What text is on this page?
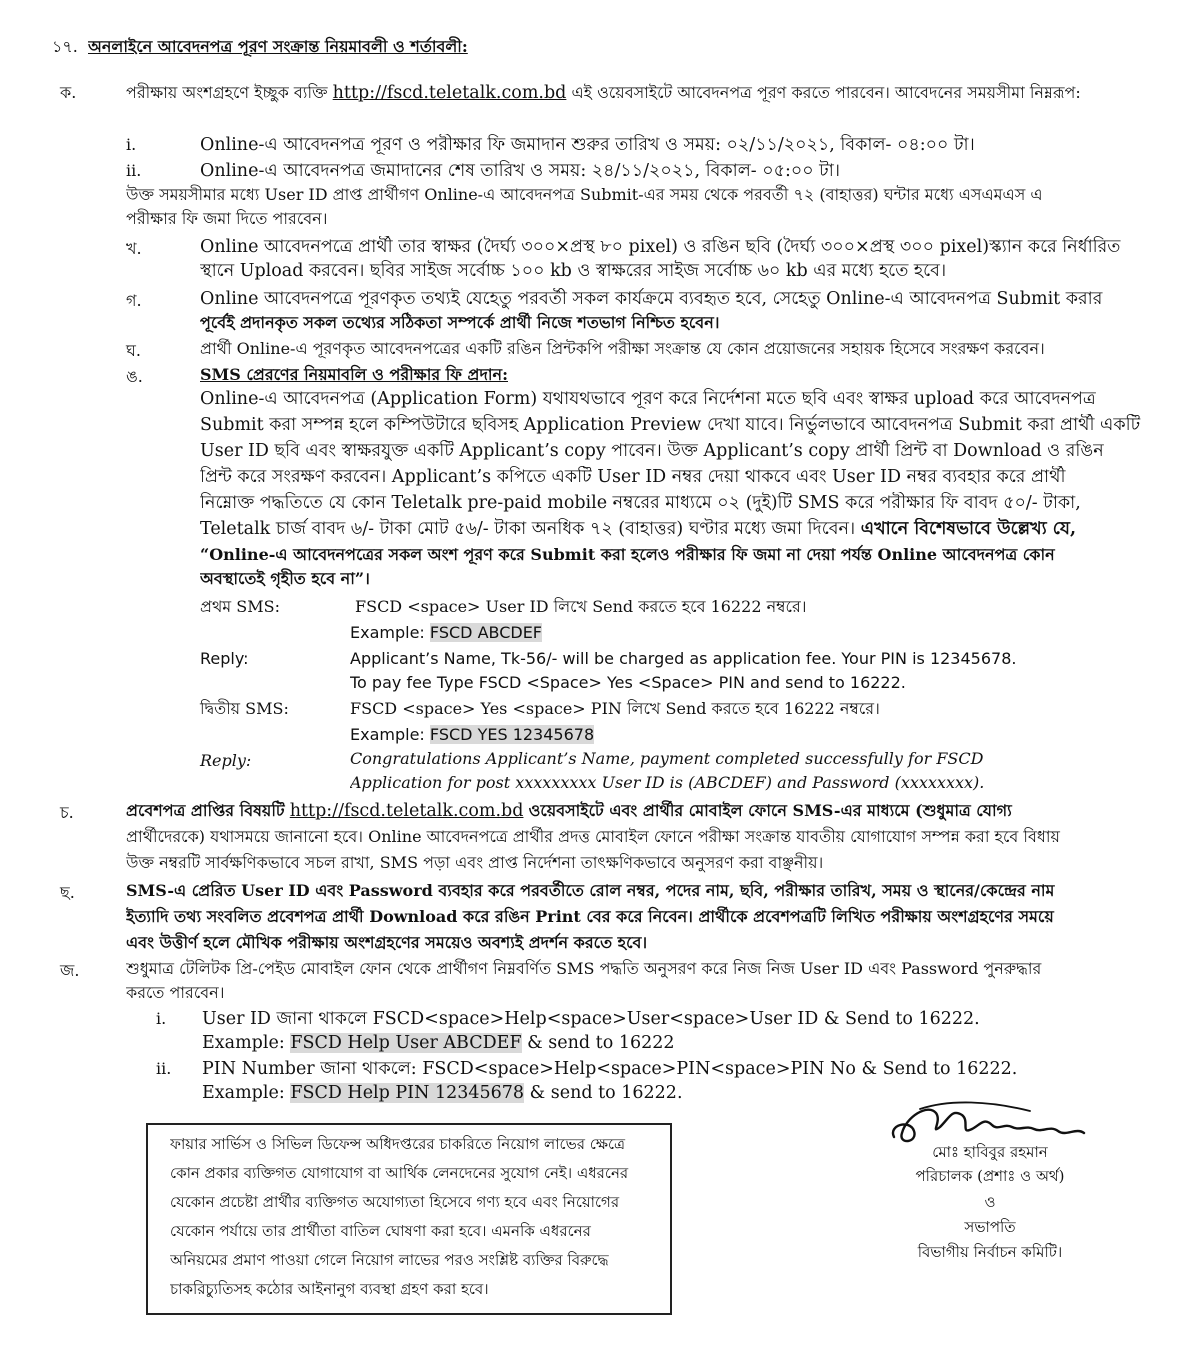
১৭. অনলাইনে আবেদনপত্র পূরণ সংক্রান্ত নিয়মাবলী ও শর্তাবলী:
ক.	পরীক্ষায় অংশগ্রহণে ইচ্ছুক ব্যক্তি http://fscd.teletalk.com.bd এই ওয়েবসাইটে আবেদনপত্র পূরণ করতে পারবেন। আবেদনের সময়সীমা নিম্নরূপ:
i.	Online-এ আবেদনপত্র পূরণ ও পরীক্ষার ফি জমাদান শুরুর তারিখ ও সময়: ০২/১১/২০২১, বিকাল- ০৪:০০ টা।
ii.	Online-এ আবেদনপত্র জমাদানের শেষ তারিখ ও সময়: ২৪/১১/২০২১, বিকাল- ০৫:০০ টা।
উক্ত সময়সীমার মধ্যে User ID প্রাপ্ত প্রার্থীগণ Online-এ আবেদনপত্র Submit-এর সময় থেকে পরবর্তী ৭২ (বাহাত্তর) ঘন্টার মধ্যে এসএমএস এ
পরীক্ষার ফি জমা দিতে পারবেন।
খ.	Online আবেদনপত্রে প্রার্থী তার স্বাক্ষর (দৈর্ঘ্য ৩০০×প্রস্থ ৮০ pixel) ও রঙিন ছবি (দৈর্ঘ্য ৩০০×প্রস্থ ৩০০ pixel)স্ক্যান করে নির্ধারিত
স্থানে Upload করবেন। ছবির সাইজ সর্বোচ্চ ১০০ kb ও স্বাক্ষরের সাইজ সর্বোচ্চ ৬০ kb এর মধ্যে হতে হবে।
গ.	Online আবেদনপত্রে পূরণকৃত তথ্যই যেহেতু পরবর্তী সকল কার্যক্রমে ব্যবহৃত হবে, সেহেতু Online-এ আবেদনপত্র Submit করার
পূর্বেই প্রদানকৃত সকল তথ্যের সঠিকতা সম্পর্কে প্রার্থী নিজে শতভাগ নিশ্চিত হবেন।
ঘ.	প্রার্থী Online-এ পূরণকৃত আবেদনপত্রের একটি রঙিন প্রিন্টকপি পরীক্ষা সংক্রান্ত যে কোন প্রয়োজনের সহায়ক হিসেবে সংরক্ষণ করবেন।
ঙ.	SMS প্রেরণের নিয়মাবলি ও পরীক্ষার ফি প্রদান:
Online-এ আবেদনপত্র (Application Form) যথাযথভাবে পূরণ করে নির্দেশনা মতে ছবি এবং স্বাক্ষর upload করে আবেদনপত্র
Submit করা সম্পন্ন হলে কম্পিউটারে ছবিসহ Application Preview দেখা যাবে। নির্ভুলভাবে আবেদনপত্র Submit করা প্রার্থী একটি
User ID ছবি এবং স্বাক্ষরযুক্ত একটি Applicant’s copy পাবেন। উক্ত Applicant’s copy প্রার্থী প্রিন্ট বা Download ও রঙিন
প্রিন্ট করে সংরক্ষণ করবেন। Applicant’s কপিতে একটি User ID নম্বর দেয়া থাকবে এবং User ID নম্বর ব্যবহার করে প্রার্থী
নিম্নোক্ত পদ্ধতিতে যে কোন Teletalk pre-paid mobile নম্বরের মাধ্যমে ০২ (দুই)টি SMS করে পরীক্ষার ফি বাবদ ৫০/- টাকা,
Teletalk চার্জ বাবদ ৬/- টাকা মোট ৫৬/- টাকা অনধিক ৭২ (বাহাত্তর) ঘণ্টার মধ্যে জমা দিবেন। এখানে বিশেষভাবে উল্লেখ্য যে,
“Online-এ আবেদনপত্রের সকল অংশ পূরণ করে Submit করা হলেও পরীক্ষার ফি জমা না দেয়া পর্যন্ত Online আবেদনপত্র কোন
অবস্থাতেই গৃহীত হবে না”।
প্রথম SMS:	FSCD <space> User ID লিখে Send করতে হবে 16222 নম্বরে।
Example: FSCD ABCDEF
Reply:	Applicant’s Name, Tk-56/- will be charged as application fee. Your PIN is 12345678.
To pay fee Type FSCD <Space> Yes <Space> PIN and send to 16222.
দ্বিতীয় SMS:	FSCD <space> Yes <space> PIN লিখে Send করতে হবে 16222 নম্বরে।
Example: FSCD YES 12345678
Reply:	Congratulations Applicant’s Name, payment completed successfully for FSCD
Application for post xxxxxxxxx User ID is (ABCDEF) and Password (xxxxxxxx).
চ.	প্রবেশপত্র প্রাপ্তির বিষয়টি http://fscd.teletalk.com.bd ওয়েবসাইটে এবং প্রার্থীর মোবাইল ফোনে SMS-এর মাধ্যমে (শুধুমাত্র যোগ্য
প্রার্থীদেরকে) যথাসময়ে জানানো হবে। Online আবেদনপত্রে প্রার্থীর প্রদত্ত মোবাইল ফোনে পরীক্ষা সংক্রান্ত যাবতীয় যোগাযোগ সম্পন্ন করা হবে বিধায়
উক্ত নম্বরটি সার্বক্ষণিকভাবে সচল রাখা, SMS পড়া এবং প্রাপ্ত নির্দেশনা তাৎক্ষণিকভাবে অনুসরণ করা বাঞ্ছনীয়।
ছ.	SMS-এ প্রেরিত User ID এবং Password ব্যবহার করে পরবর্তীতে রোল নম্বর, পদের নাম, ছবি, পরীক্ষার তারিখ, সময় ও স্থানের/কেন্দ্রের নাম
ইত্যাদি তথ্য সংবলিত প্রবেশপত্র প্রার্থী Download করে রঙিন Print বের করে নিবেন। প্রার্থীকে প্রবেশপত্রটি লিখিত পরীক্ষায় অংশগ্রহণের সময়ে
এবং উত্তীর্ণ হলে মৌখিক পরীক্ষায় অংশগ্রহণের সময়েও অবশ্যই প্রদর্শন করতে হবে।
জ.	শুধুমাত্র টেলিটক প্রি-পেইড মোবাইল ফোন থেকে প্রার্থীগণ নিম্নবর্ণিত SMS পদ্ধতি অনুসরণ করে নিজ নিজ User ID এবং Password পুনরুদ্ধার
করতে পারবেন।
i. User ID জানা থাকলে FSCD<space>Help<space>User<space>User ID & Send to 16222.
Example: FSCD Help User ABCDEF & send to 16222
ii. PIN Number জানা থাকলে: FSCD<space>Help<space>PIN<space>PIN No & Send to 16222.
Example: FSCD Help PIN 12345678 & send to 16222.
ফায়ার সার্ভিস ও সিভিল ডিফেন্স অধিদপ্তরের চাকরিতে নিয়োগ লাভের ক্ষেত্রে
কোন প্রকার ব্যক্তিগত যোগাযোগ বা আর্থিক লেনদেনের সুযোগ নেই। এধরনের
যেকোন প্রচেষ্টা প্রার্থীর ব্যক্তিগত অযোগ্যতা হিসেবে গণ্য হবে এবং নিয়োগের
যেকোন পর্যায়ে তার প্রার্থীতা বাতিল ঘোষণা করা হবে। এমনকি এধরনের
অনিয়মের প্রমাণ পাওয়া গেলে নিয়োগ লাভের পরও সংশ্লিষ্ট ব্যক্তির বিরুদ্ধে
চাকরিচ্যুতিসহ কঠোর আইনানুগ ব্যবস্থা গ্রহণ করা হবে।
মোঃ হাবিবুর রহমান
পরিচালক (প্রশাঃ ও অর্থ)
ও
সভাপতি
বিভাগীয় নির্বাচন কমিটি।
